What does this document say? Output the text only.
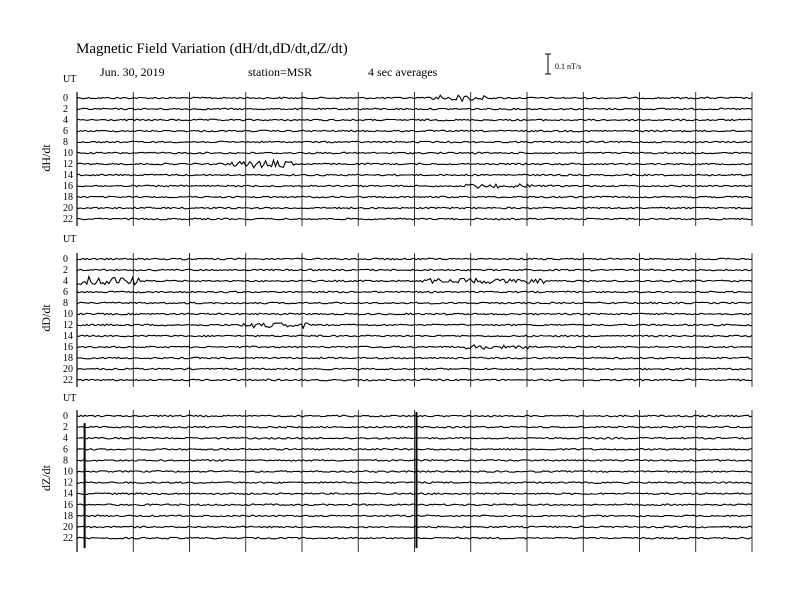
Magnetic Field Variation (dH/dt,dD/dt,dZ/dt)
Jun. 30, 2019	station=MSR	4 sec averages	0.1 nT/s
UT
dH/dt
0
2
4
6
8
10
12
14
16
18
20
22
UT
dD/dt
0
2
4
6
8
10
12
14
16
18
20
22
UT
dZ/dt
0
2
4
6
8
10
12
14
16
18
20
22
